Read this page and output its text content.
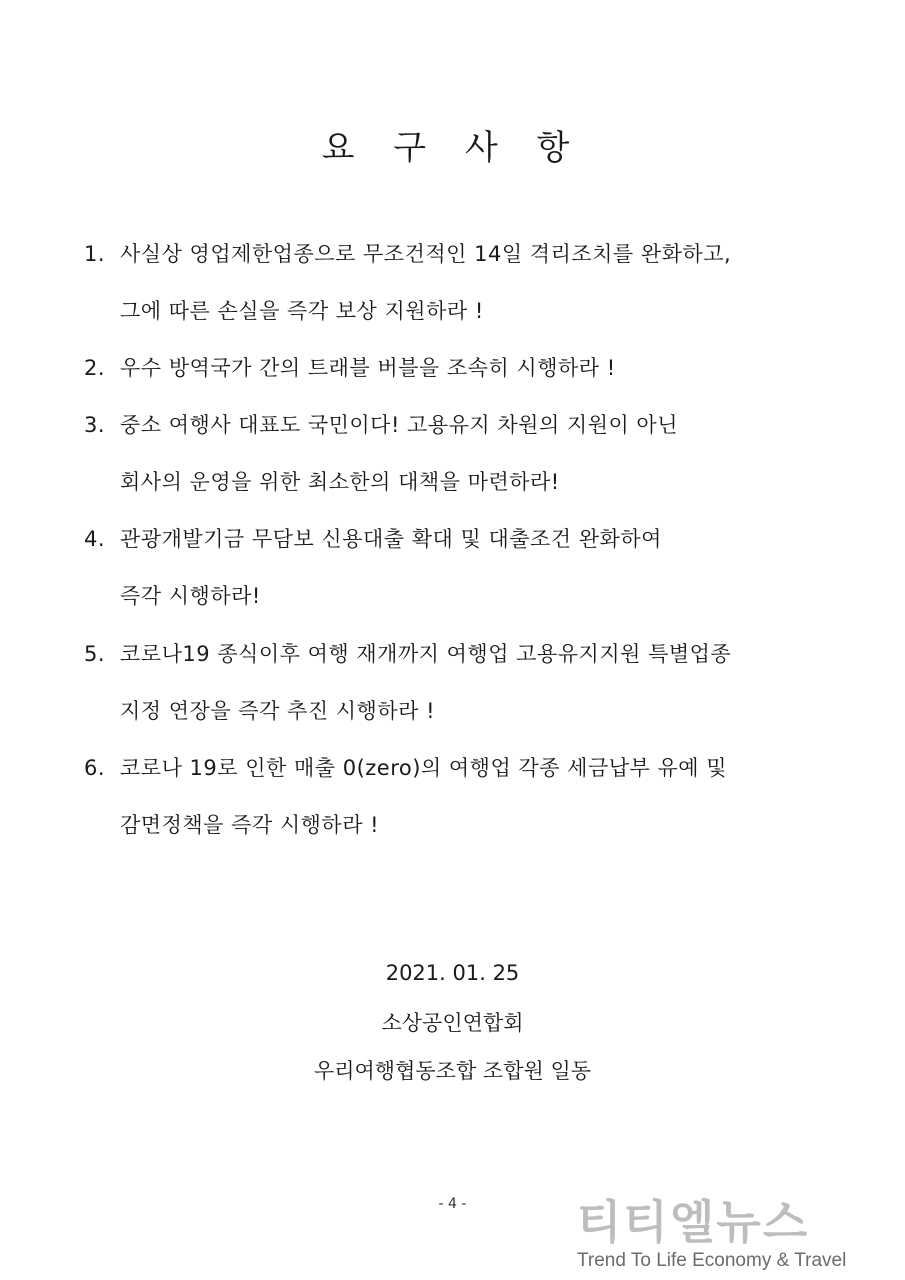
요 구 사 항
1. 사실상 영업제한업종으로 무조건적인 14일 격리조치를 완화하고,
그에 따른 손실을 즉각 보상 지원하라 !
2. 우수 방역국가 간의 트래블 버블을 조속히 시행하라 !
3. 중소 여행사 대표도 국민이다! 고용유지 차원의 지원이 아닌
회사의 운영을 위한 최소한의 대책을 마련하라!
4. 관광개발기금 무담보 신용대출 확대 및 대출조건 완화하여
즉각 시행하라!
5. 코로나19 종식이후 여행 재개까지 여행업 고용유지지원 특별업종
지정 연장을 즉각 추진 시행하라 !
6. 코로나 19로 인한 매출 0(zero)의 여행업 각종 세금납부 유예 및
감면정책을 즉각 시행하라 !
2021. 01. 25
소상공인연합회
우리여행협동조합 조합원 일동
- 4 -	티티엘뉴스
Trend To Life Economy & Travel
